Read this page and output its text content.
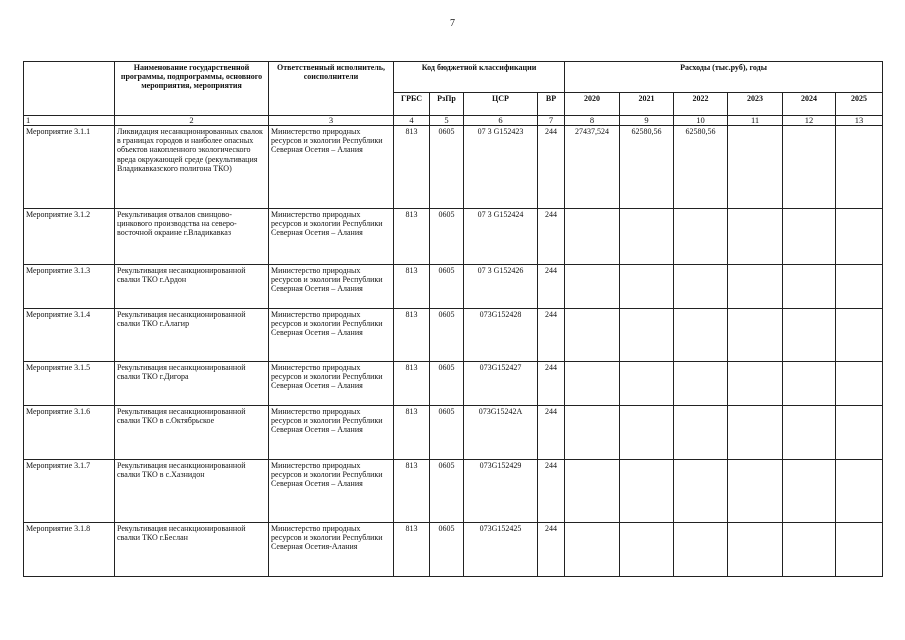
7
	Наименование государственной программы, подпрограммы, основного мероприятия, мероприятия	Ответственный исполнитель, соисполнители	Код бюджетной классификации				Расходы (тыс.руб), годы					
			ГРБС	РзПр	ЦСР	ВР	2020	2021	2022	2023	2024	2025
1	2	3	4	5	6	7	8	9	10	11	12	13
Мероприятие 3.1.1	Ликвидация несанкционированных свалок в границах городов и наиболее опасных объектов накопленного экологического вреда окружающей среде (рекультивация Владикавказского полигона ТКО)	Министерство природных ресурсов и экологии Республики Северная Осетия – Алания	813	0605	07 3 G152423	244	27437,524	62580,56	62580,56			
Мероприятие 3.1.2	Рекультивация отвалов свинцово-цинкового производства на северо-восточной окраине г.Владикавказ	Министерство природных ресурсов и экологии Республики Северная Осетия – Алания	813	0605	07 3 G152424	244						
Мероприятие 3.1.3	Рекультивация несанкционированной свалки ТКО г.Ардон	Министерство природных ресурсов и экологии Республики Северная Осетия – Алания	813	0605	07 3 G152426	244						
Мероприятие 3.1.4	Рекультивация несанкционированной свалки ТКО г.Алагир	Министерство природных ресурсов и экологии Республики Северная Осетия – Алания	813	0605	073G152428	244						
Мероприятие 3.1.5	Рекультивация несанкционированной свалки ТКО г.Дигора	Министерство природных ресурсов и экологии Республики Северная Осетия – Алания	813	0605	073G152427	244						
Мероприятие 3.1.6	Рекультивация несанкционированной свалки ТКО в с.Октябрьское	Министерство природных ресурсов и экологии Республики Северная Осетия – Алания	813	0605	073G15242А	244						
Мероприятие 3.1.7	Рекультивация несанкционированной свалки ТКО в с.Хазнидон	Министерство природных ресурсов и экологии Республики Северная Осетия – Алания	813	0605	073G152429	244						
Мероприятие 3.1.8	Рекультивация несанкционированной свалки ТКО г.Беслан	Министерство природных ресурсов и экологии Республики Северная Осетия-Алания	813	0605	073G152425	244						
